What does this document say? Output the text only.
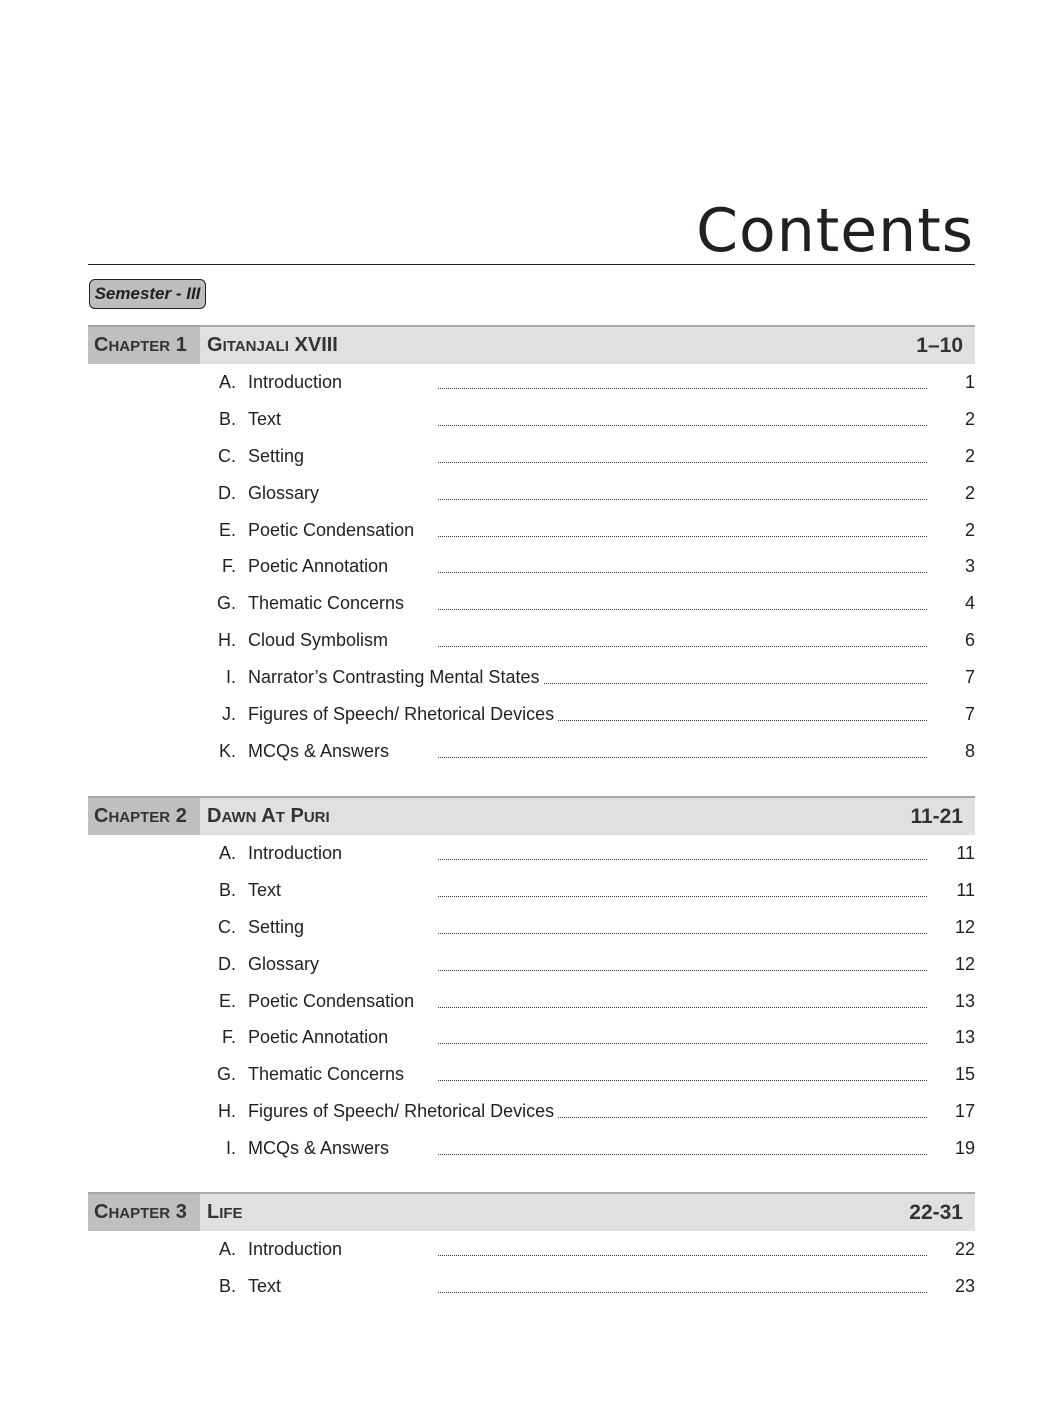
Contents
Semester - III
CHAPTER 1	GITANJALI XVIII	1–10
A. Introduction	1
B. Text	2
C. Setting	2
D. Glossary	2
E. Poetic Condensation	2
F. Poetic Annotation	3
G. Thematic Concerns	4
H. Cloud Symbolism	6
I. Narrator’s Contrasting Mental States	7
J. Figures of Speech/ Rhetorical Devices	7
K. MCQs & Answers	8
CHAPTER 2	DAWN AT PURI	11-21
A. Introduction	11
B. Text	11
C. Setting	12
D. Glossary	12
E. Poetic Condensation	13
F. Poetic Annotation	13
G. Thematic Concerns	15
H. Figures of Speech/ Rhetorical Devices	17
I. MCQs & Answers	19
CHAPTER 3	LIFE	22-31
A. Introduction	22
B. Text	23
